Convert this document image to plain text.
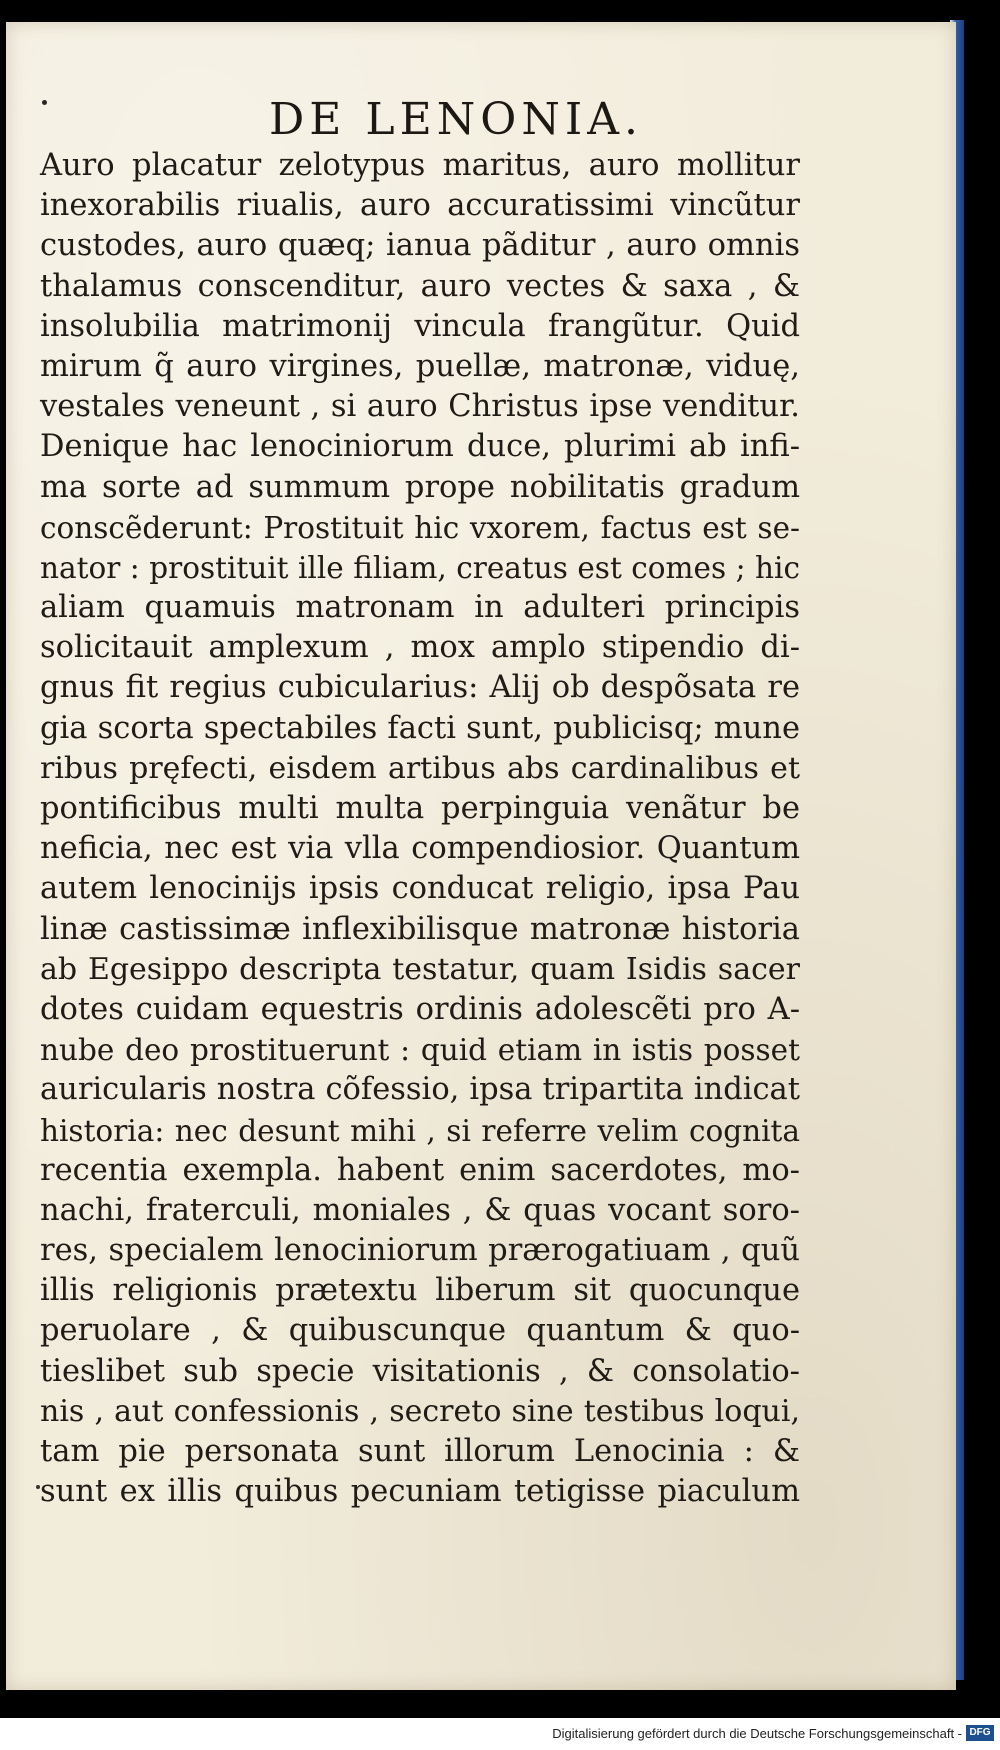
DE LENONIA.
Auro placatur zelotypus maritus, auro mollitur
inexorabilis riualis, auro accuratissimi vincũtur
custodes, auro quæq; ianua pãditur , auro omnis
thalamus conscenditur, auro vectes & saxa , &
insolubilia matrimonij vincula frangũtur. Quid
mirum q̃ auro virgines, puellæ, matronæ, viduę,
vestales veneunt , si auro Christus ipse venditur.
Denique hac lenociniorum duce, plurimi ab infi-
ma sorte ad summum prope nobilitatis gradum
conscẽderunt: Prostituit hic vxorem, factus est se-
nator : prostituit ille filiam, creatus est comes ; hic
aliam quamuis matronam in adulteri principis
solicitauit amplexum , mox amplo stipendio di-
gnus fit regius cubicularius: Alij ob despõsata re
gia scorta spectabiles facti sunt, publicisq; mune
ribus pręfecti, eisdem artibus abs cardinalibus et
pontificibus multi multa perpinguia venãtur be
neficia, nec est via vlla compendiosior. Quantum
autem lenocinijs ipsis conducat religio, ipsa Pau
linæ castissimæ inflexibilisque matronæ historia
ab Egesippo descripta testatur, quam Isidis sacer
dotes cuidam equestris ordinis adolescẽti pro A-
nube deo prostituerunt : quid etiam in istis posset
auricularis nostra cõfessio, ipsa tripartita indicat
historia: nec desunt mihi , si referre velim cognita
recentia exempla. habent enim sacerdotes, mo-
nachi, fraterculi, moniales , & quas vocant soro-
res, specialem lenociniorum prærogatiuam , quũ
illis religionis prætextu liberum sit quocunque
peruolare , & quibuscunque quantum & quo-
tieslibet sub specie visitationis , & consolatio-
nis , aut confessionis , secreto sine testibus loqui,
tam pie personata sunt illorum Lenocinia : &
sunt ex illis quibus pecuniam tetigisse piaculum
Digitalisierung gefördert durch die Deutsche Forschungsgemeinschaft - DFG
